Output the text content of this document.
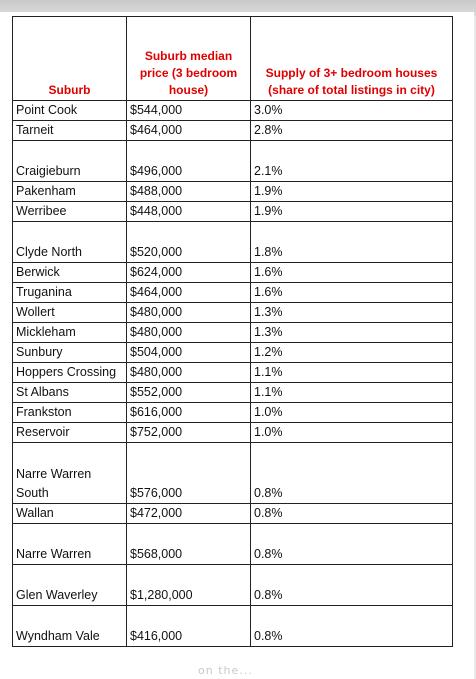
Suburb	Suburb median price (3 bedroom house)	Supply of 3+ bedroom houses (share of total listings in city)
Point Cook	$544,000	3.0%
Tarneit	$464,000	2.8%
Craigieburn	$496,000	2.1%
Pakenham	$488,000	1.9%
Werribee	$448,000	1.9%
Clyde North	$520,000	1.8%
Berwick	$624,000	1.6%
Truganina	$464,000	1.6%
Wollert	$480,000	1.3%
Mickleham	$480,000	1.3%
Sunbury	$504,000	1.2%
Hoppers Crossing	$480,000	1.1%
St Albans	$552,000	1.1%
Frankston	$616,000	1.0%
Reservoir	$752,000	1.0%
Narre Warren South	$576,000	0.8%
Wallan	$472,000	0.8%
Narre Warren	$568,000	0.8%
Glen Waverley	$1,280,000	0.8%
Wyndham Vale	$416,000	0.8%
on the...
